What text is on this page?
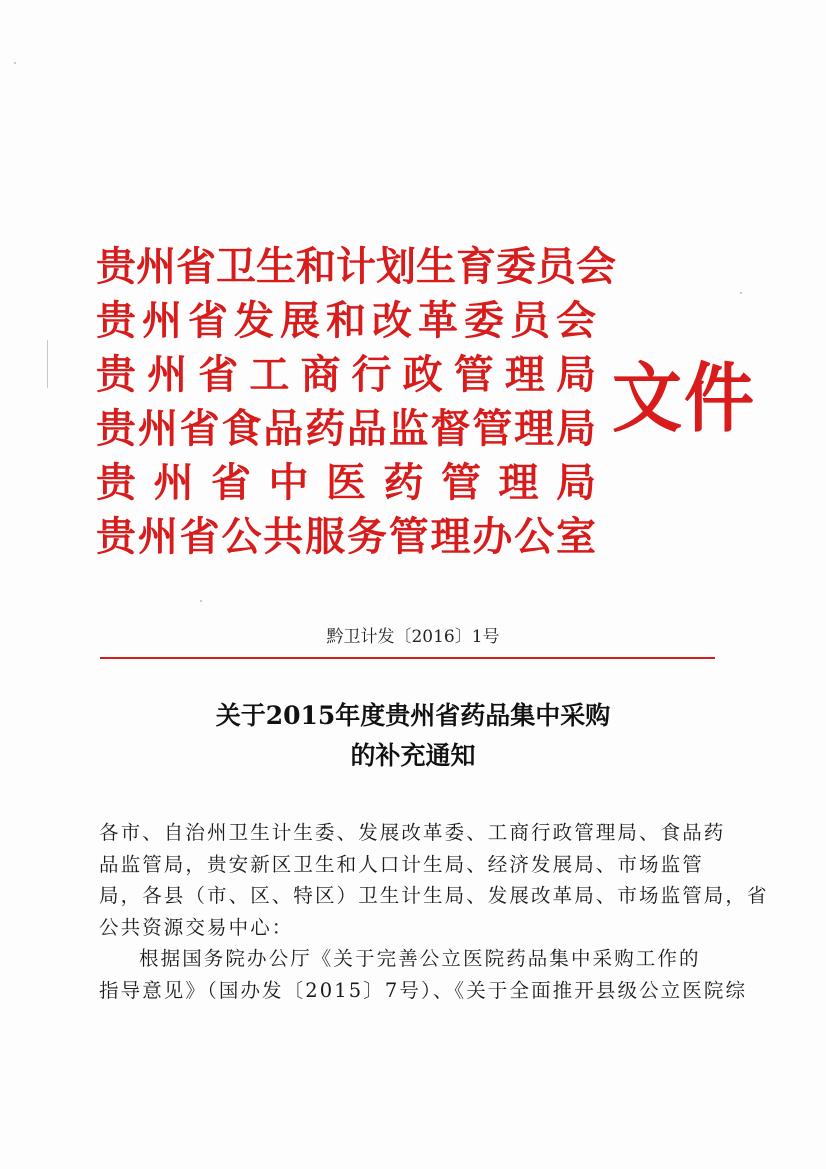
贵 州 省 卫 生 和 计 划 生 育 委 员 会
贵 州 省 发 展 和 改 革 委 员 会
贵 州 省 工 商 行 政 管 理 局
贵 州 省 食 品 药 品 监 督 管 理 局
贵 州 省 中 医 药 管 理 局
贵 州 省 公 共 服 务 管 理 办 公 室
文件
黔卫计发〔2016〕1号
关于2015年度贵州省药品集中采购
的补充通知
各市、自治州卫生计生委、发展改革委、工商行政管理局、食品药
品监管局，贵安新区卫生和人口计生局、经济发展局、市场监管
局，各县（市、区、特区）卫生计生局、发展改革局、市场监管局，省
公共资源交易中心：
根据国务院办公厅《关于完善公立医院药品集中采购工作的
指导意见》（国办发〔2015〕7号）、《关于全面推开县级公立医院综
